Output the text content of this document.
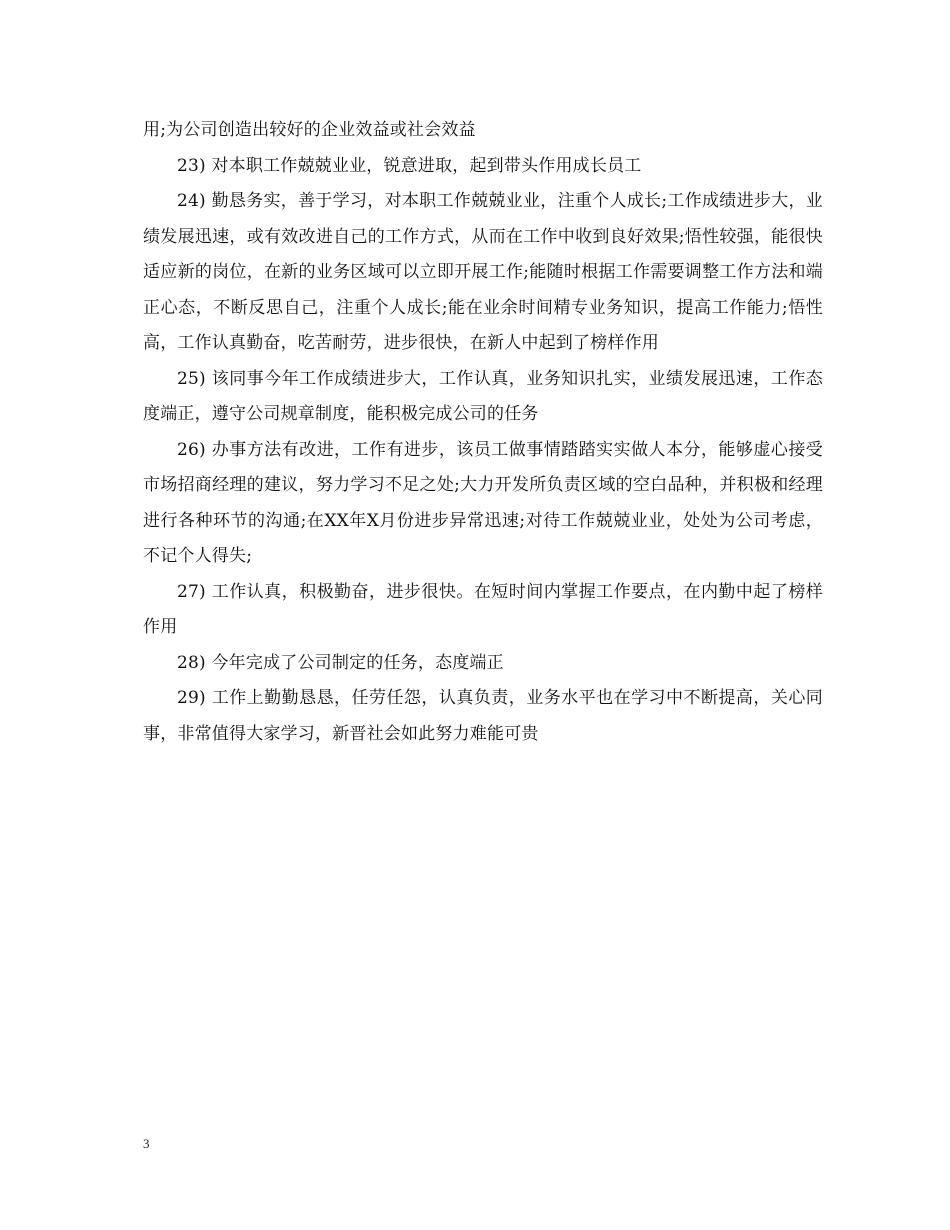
用;为公司创造出较好的企业效益或社会效益

23) 对本职工作兢兢业业，锐意进取，起到带头作用成长员工

24) 勤恳务实，善于学习，对本职工作兢兢业业，注重个人成长;工作成绩进步大，业绩发展迅速，或有效改进自己的工作方式，从而在工作中收到良好效果;悟性较强，能很快适应新的岗位，在新的业务区域可以立即开展工作;能随时根据工作需要调整工作方法和端正心态，不断反思自己，注重个人成长;能在业余时间精专业务知识，提高工作能力;悟性高，工作认真勤奋，吃苦耐劳，进步很快，在新人中起到了榜样作用

25) 该同事今年工作成绩进步大，工作认真，业务知识扎实，业绩发展迅速，工作态度端正，遵守公司规章制度，能积极完成公司的任务

26) 办事方法有改进，工作有进步，该员工做事情踏踏实实做人本分，能够虚心接受市场招商经理的建议，努力学习不足之处;大力开发所负责区域的空白品种，并积极和经理进行各种环节的沟通;在XX年X月份进步异常迅速;对待工作兢兢业业，处处为公司考虑，不记个人得失;

27) 工作认真，积极勤奋，进步很快。在短时间内掌握工作要点，在内勤中起了榜样作用

28) 今年完成了公司制定的任务，态度端正

29) 工作上勤勤恳恳，任劳任怨，认真负责，业务水平也在学习中不断提高，关心同事，非常值得大家学习，新晋社会如此努力难能可贵

3
